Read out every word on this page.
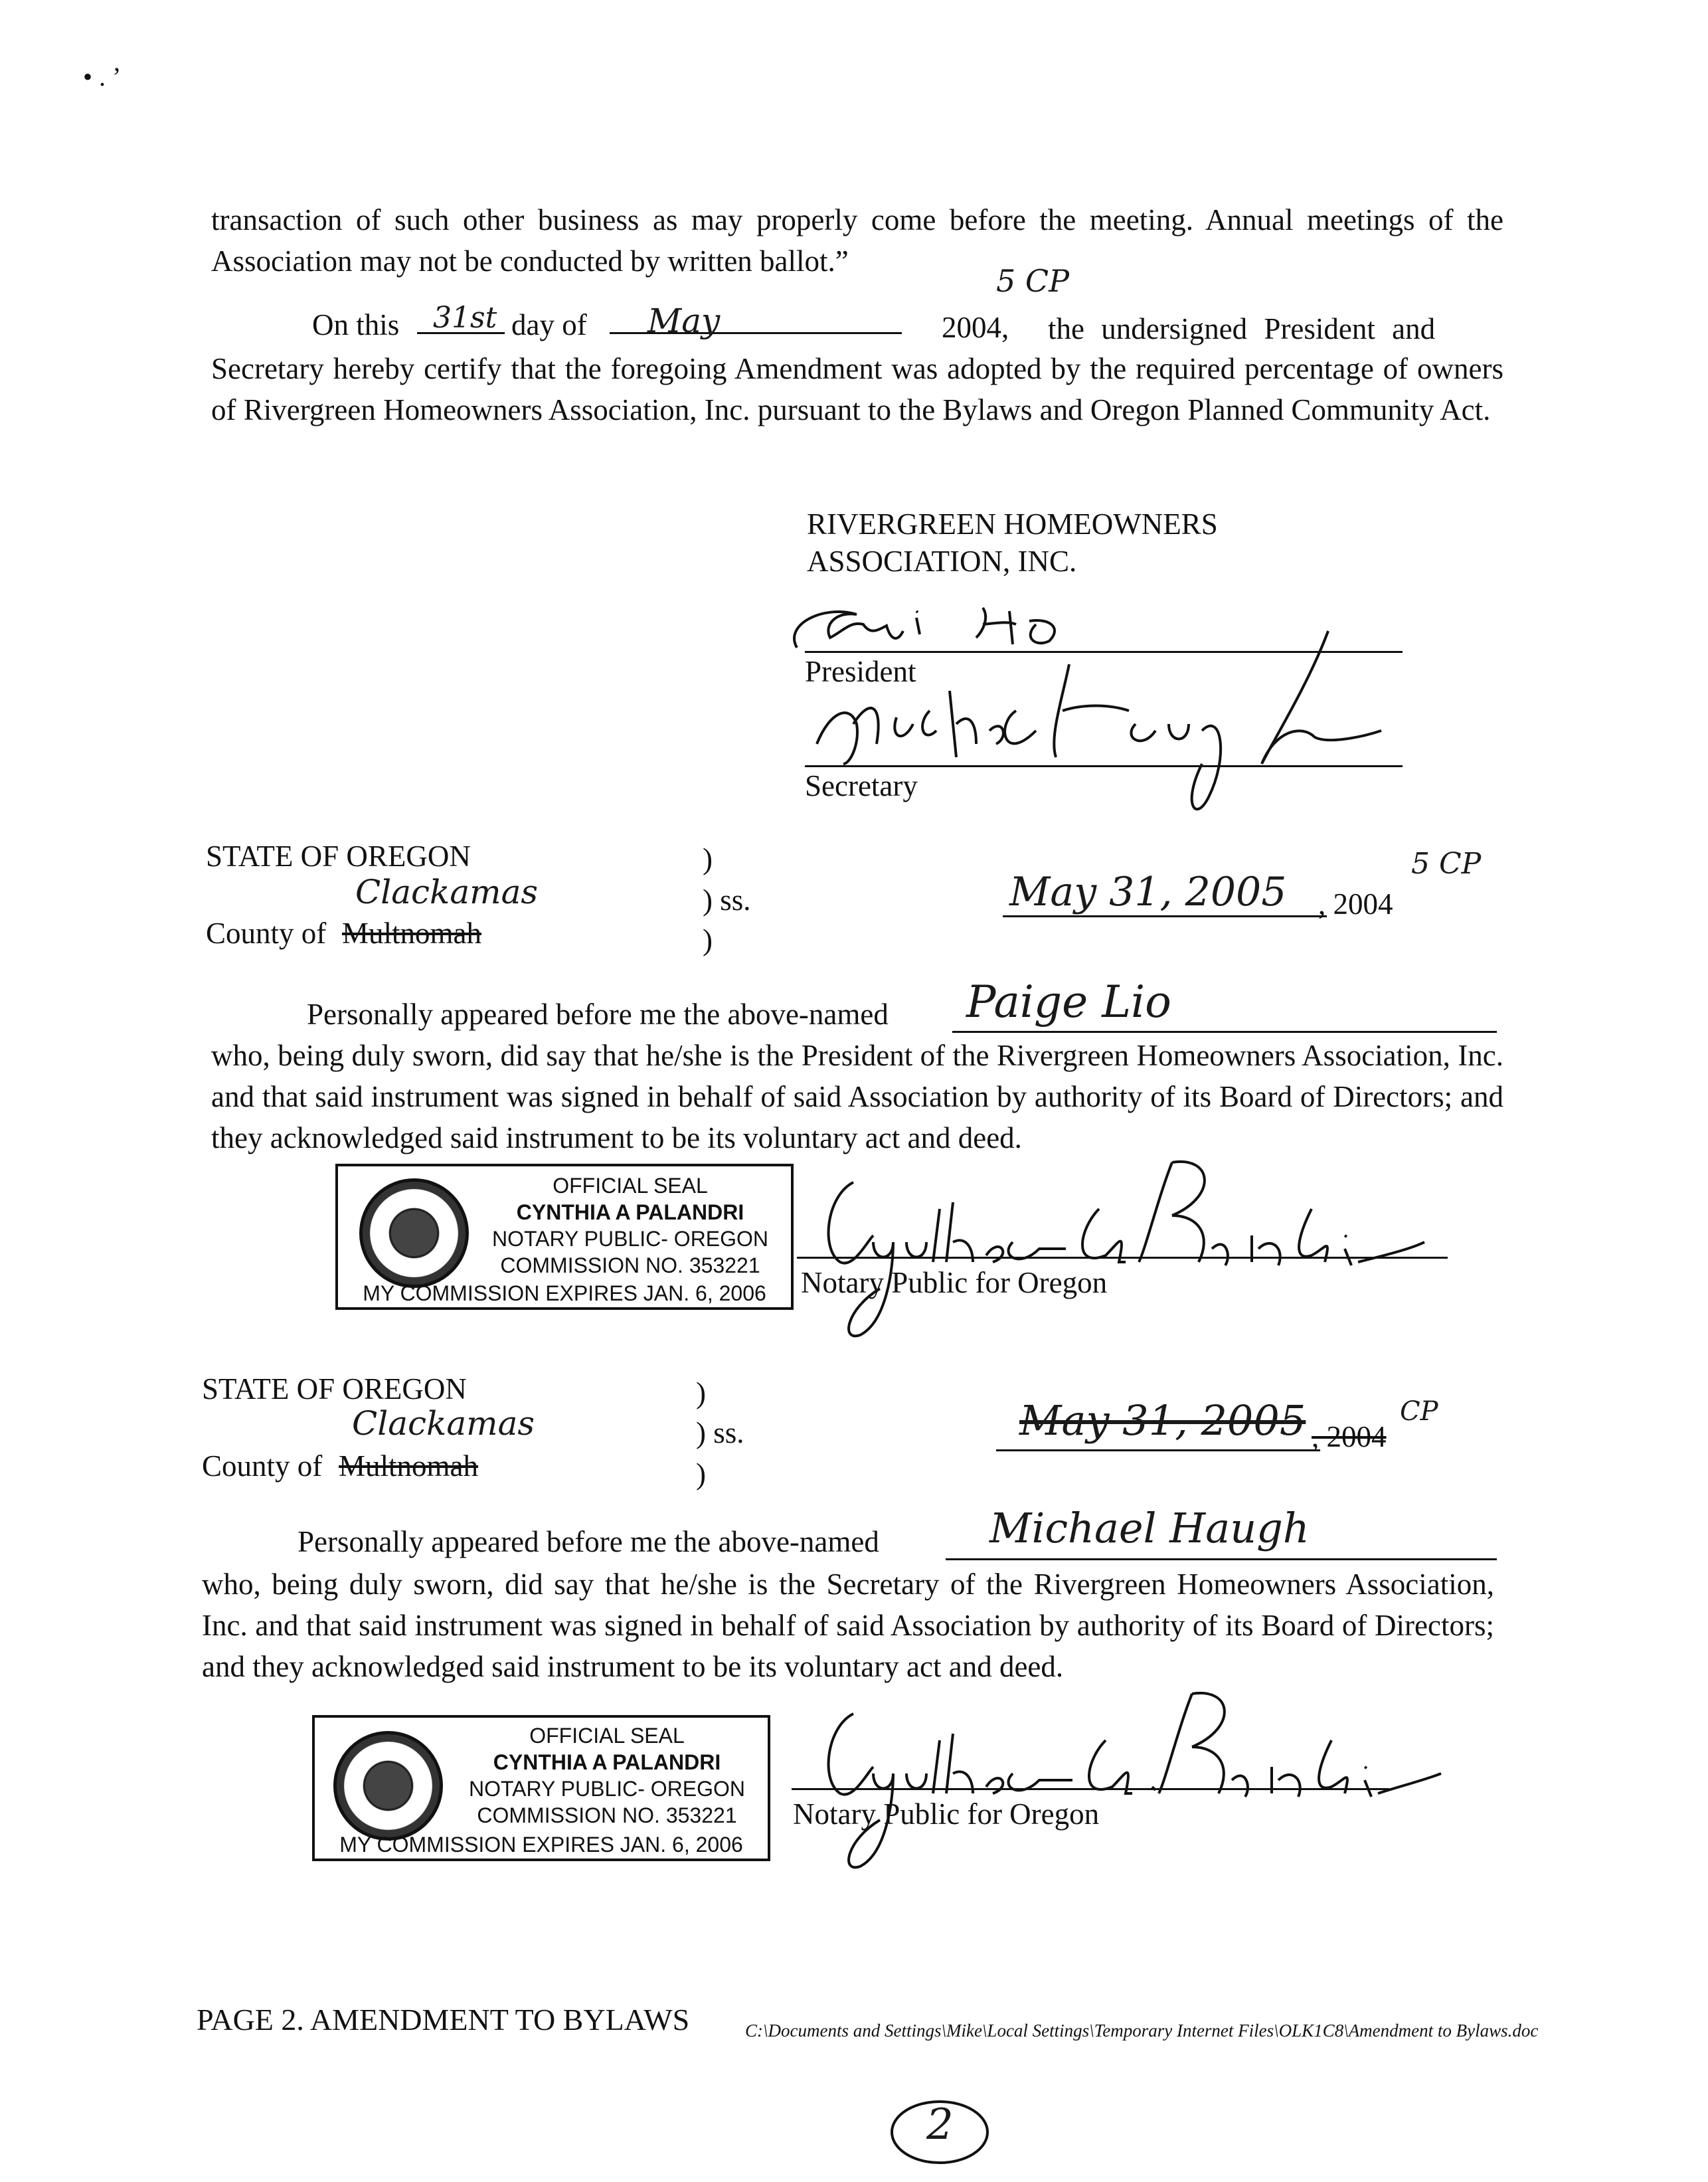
• . ’
transaction of such other business as may properly come before the meeting. Annual meetings of the Association may not be conducted by written ballot.”
On this 31st day of May	2004,
5 CP
the undersigned President and
Secretary hereby certify that the foregoing Amendment was adopted by the required percentage of owners of Rivergreen Homeowners Association, Inc. pursuant to the Bylaws and Oregon Planned Community Act.
RIVERGREEN HOMEOWNERS
ASSOCIATION, INC.
President
Secretary
STATE OF OREGON	)
Clackamas	) ss.
County of Multnomah	)
May 31, 2005 , 2004
5 CP
Personally appeared before me the above-named Paige Lio
who, being duly sworn, did say that he/she is the President of the Rivergreen Homeowners Association, Inc. and that said instrument was signed in behalf of said Association by authority of its Board of Directors; and they acknowledged said instrument to be its voluntary act and deed.
OFFICIAL SEAL
CYNTHIA A PALANDRI
NOTARY PUBLIC- OREGON
COMMISSION NO. 353221
MY COMMISSION EXPIRES JAN. 6, 2006	Notary Public for Oregon
STATE OF OREGON	)
Clackamas	) ss.
County of Multnomah	)
May 31, 2005 , 2004
CP
Personally appeared before me the above-named	Michael Haugh
who, being duly sworn, did say that he/she is the Secretary of the Rivergreen Homeowners Association, Inc. and that said instrument was signed in behalf of said Association by authority of its Board of Directors; and they acknowledged said instrument to be its voluntary act and deed.
OFFICIAL SEAL
CYNTHIA A PALANDRI
NOTARY PUBLIC- OREGON
COMMISSION NO. 353221
MY COMMISSION EXPIRES JAN. 6, 2006
Notary Public for Oregon
PAGE 2. AMENDMENT TO BYLAWS	C:\Documents and Settings\Mike\Local Settings\Temporary Internet Files\OLK1C8\Amendment to Bylaws.doc
2
